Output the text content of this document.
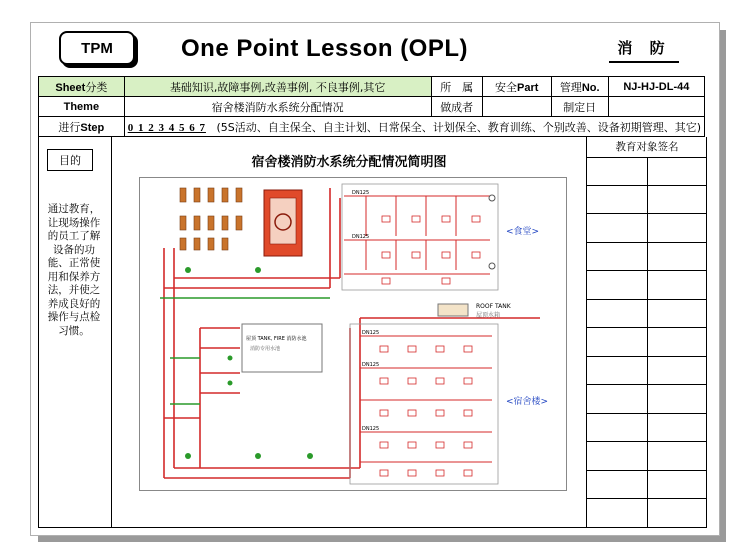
TPM	One Point Lesson (OPL)	消 防
Sheet分类	基础知识,故障事例,改善事例, 不良事例,其它	所　属	安全Part	管理No.	NJ-HJ-DL-44
Theme	宿舍楼消防水系统分配情况	做成者		制定日	
进行Step	0 1 2 3 4 5 6 7 (5S活动、自主保全、自主计划、日常保全、计划保全、教育训练、个别改善、设备初期管理、其它)				
目的
通过教育，让现场操作的员工了解设备的功能、正常使用和保养方法，并使之养成良好的操作与点检习惯。
宿舍楼消防水系统分配情况简明图
<食堂>
ROOF TANK
屋顶水箱
<宿舍楼>
DN125
DN125
DN125
DN125
DN125
屋顶 TANK, FIRE 消防水池
消防专用水池
教育对象签名
